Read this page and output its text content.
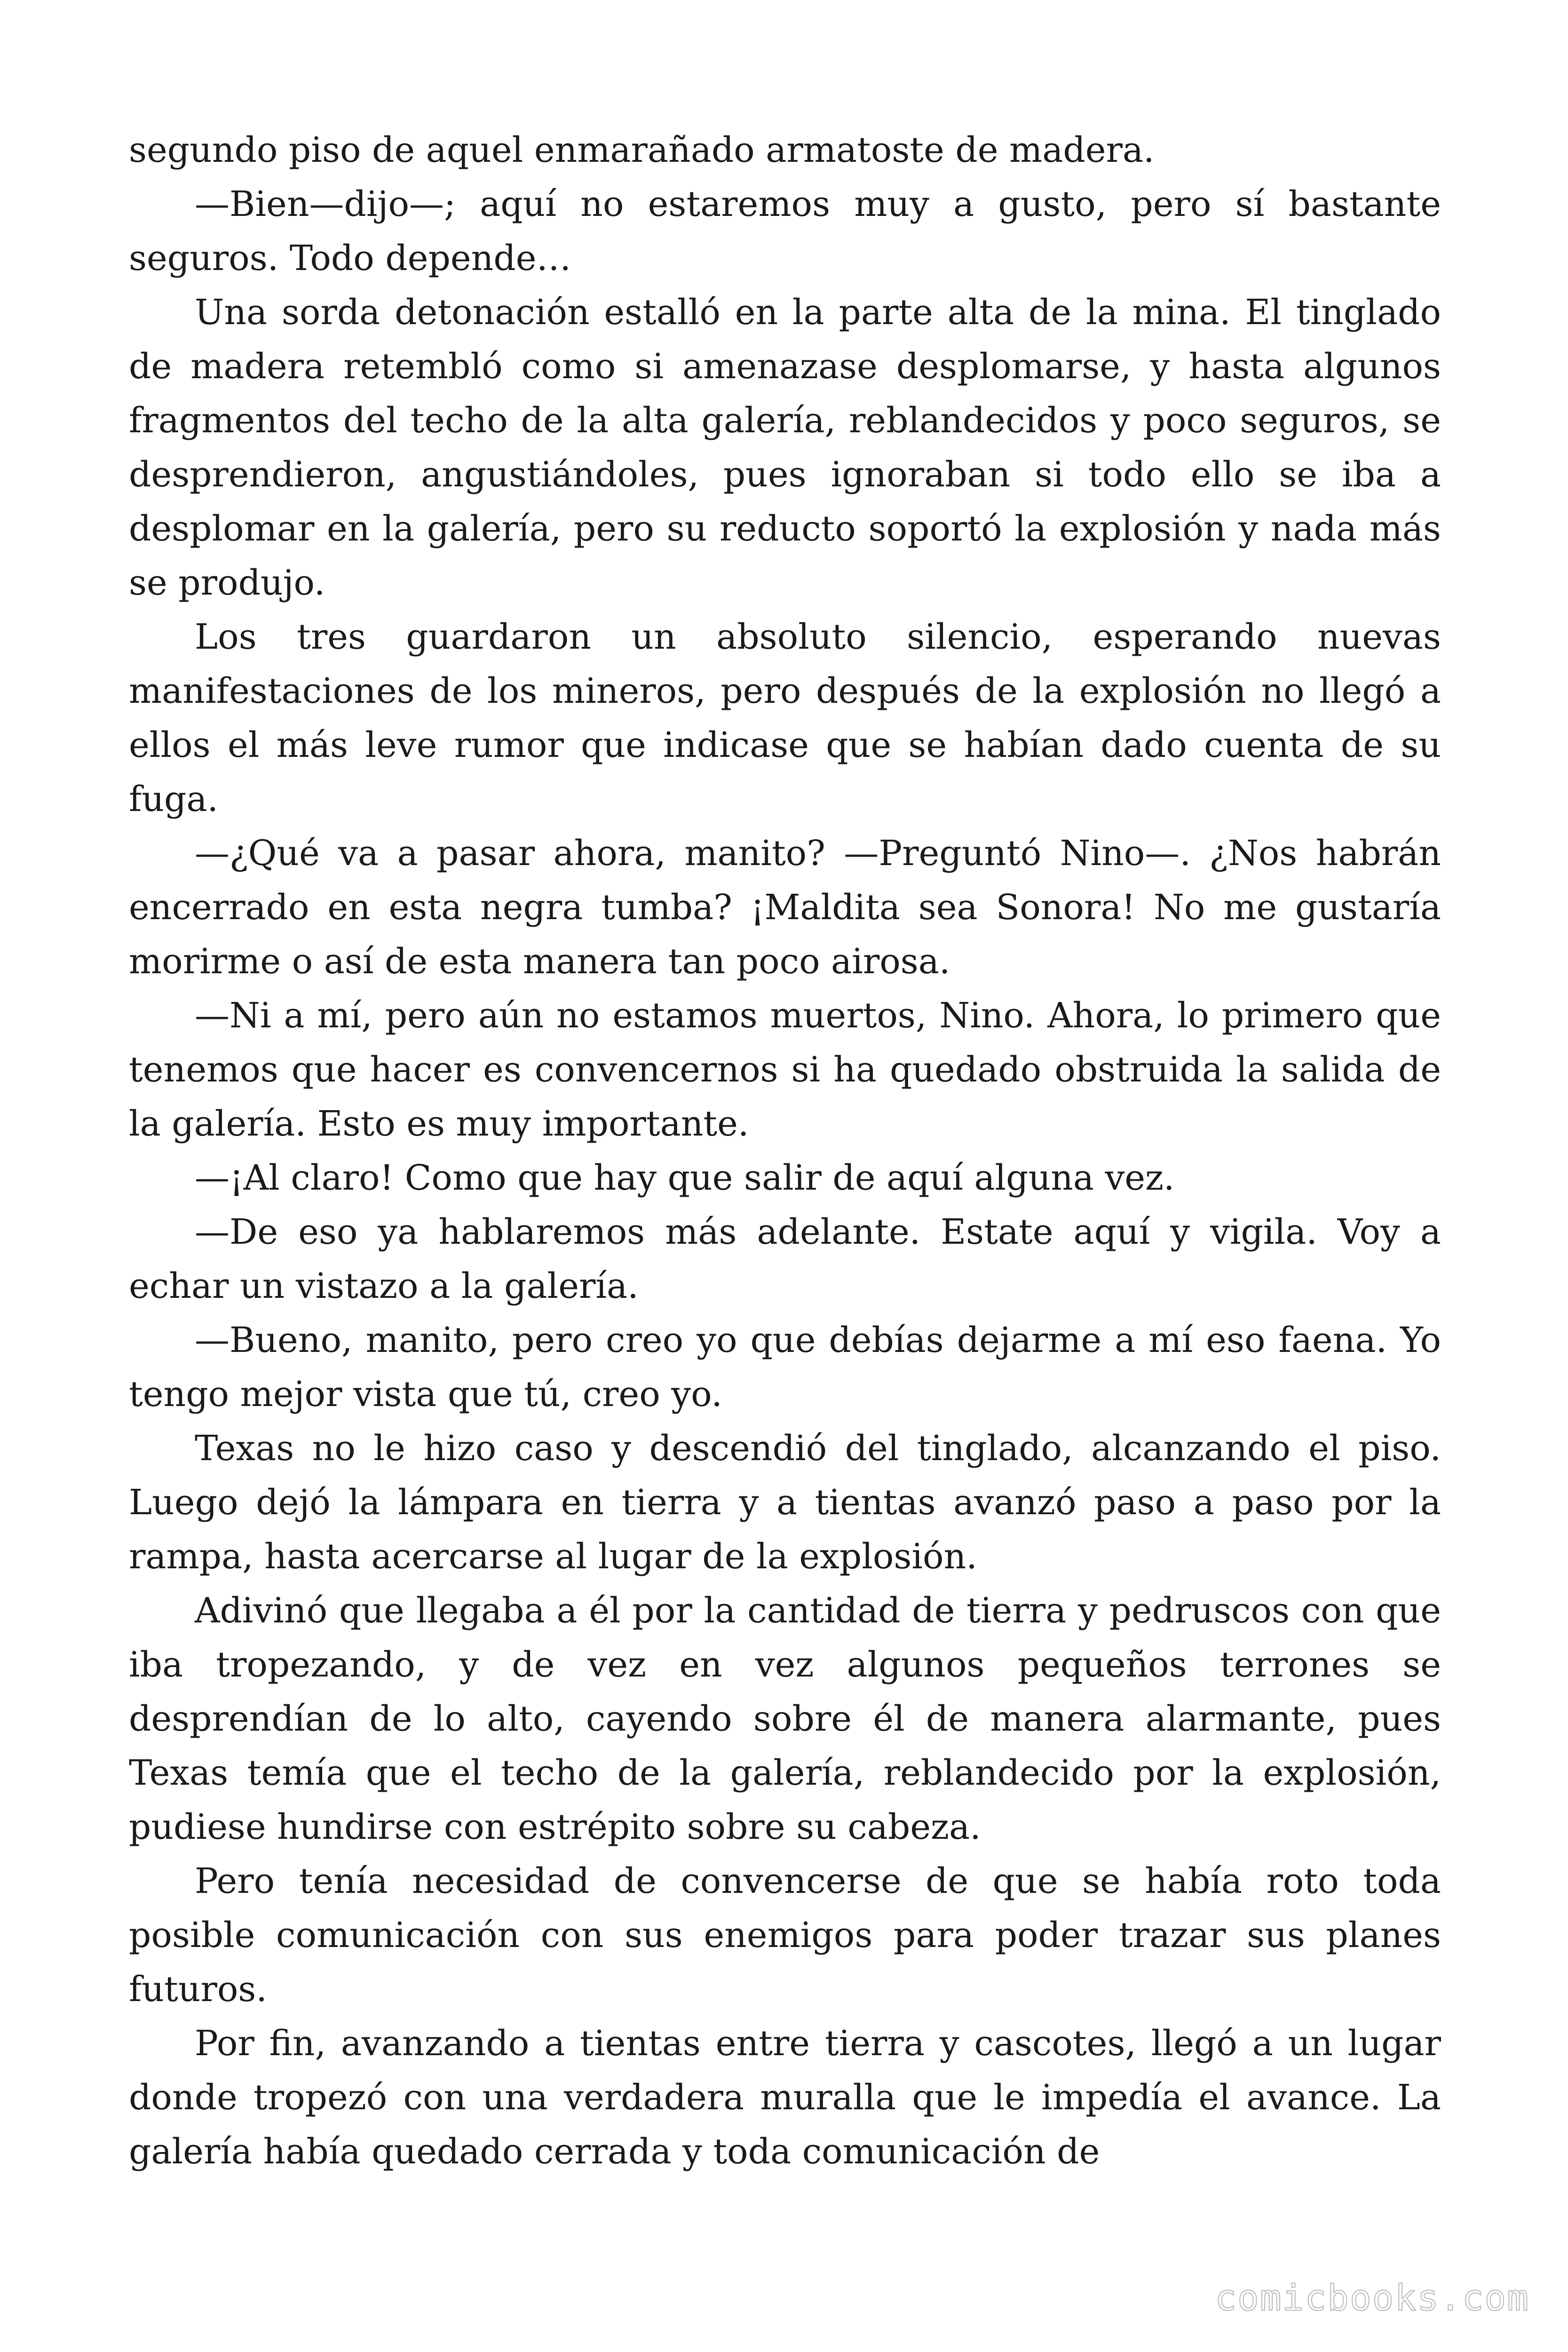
segundo piso de aquel enmarañado armatoste de madera.

—Bien—dijo—; aquí no estaremos muy a gusto, pero sí bastante seguros. Todo depende…

Una sorda detonación estalló en la parte alta de la mina. El tinglado de madera retembló como si amenazase desplomarse, y hasta algunos fragmentos del techo de la alta galería, reblandecidos y poco seguros, se desprendieron, angustiándoles, pues ignoraban si todo ello se iba a desplomar en la galería, pero su reducto soportó la explosión y nada más se produjo.

Los tres guardaron un absoluto silencio, esperando nuevas manifestaciones de los mineros, pero después de la explosión no llegó a ellos el más leve rumor que indicase que se habían dado cuenta de su fuga.

—¿Qué va a pasar ahora, manito? —Preguntó Nino—. ¿Nos habrán encerrado en esta negra tumba? ¡Maldita sea Sonora! No me gustaría morirme o así de esta manera tan poco airosa.

—Ni a mí, pero aún no estamos muertos, Nino. Ahora, lo primero que tenemos que hacer es convencernos si ha quedado obstruida la salida de la galería. Esto es muy importante.

—¡Al claro! Como que hay que salir de aquí alguna vez.

—De eso ya hablaremos más adelante. Estate aquí y vigila. Voy a echar un vistazo a la galería.

—Bueno, manito, pero creo yo que debías dejarme a mí eso faena. Yo tengo mejor vista que tú, creo yo.

Texas no le hizo caso y descendió del tinglado, alcanzando el piso. Luego dejó la lámpara en tierra y a tientas avanzó paso a paso por la rampa, hasta acercarse al lugar de la explosión.

Adivinó que llegaba a él por la cantidad de tierra y pedruscos con que iba tropezando, y de vez en vez algunos pequeños terrones se desprendían de lo alto, cayendo sobre él de manera alarmante, pues Texas temía que el techo de la galería, reblandecido por la explosión, pudiese hundirse con estrépito sobre su cabeza.

Pero tenía necesidad de convencerse de que se había roto toda posible comunicación con sus enemigos para poder trazar sus planes futuros.

Por fin, avanzando a tientas entre tierra y cascotes, llegó a un lugar donde tropezó con una verdadera muralla que le impedía el avance. La galería había quedado cerrada y toda comunicación de

comicbooks.com
